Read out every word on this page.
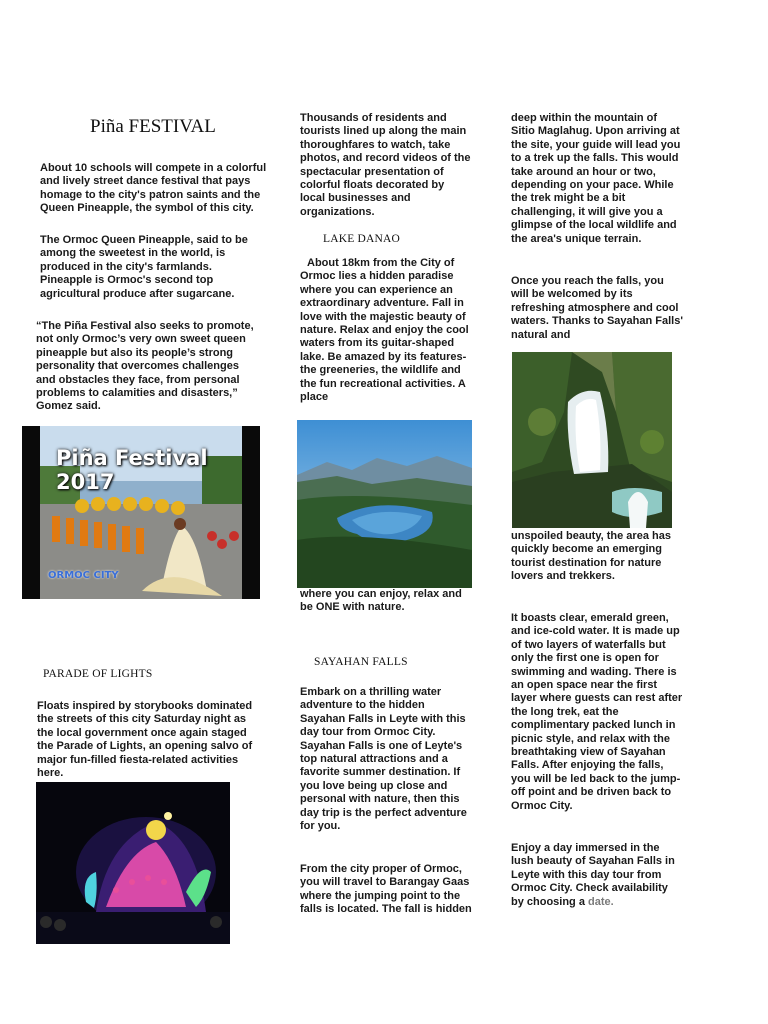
Piña FESTIVAL

About 10 schools will compete in a colorful and lively street dance festival that pays homage to the city's patron saints and the Queen Pineapple, the symbol of this city.

The Ormoc Queen Pineapple, said to be among the sweetest in the world, is produced in the city's farmlands. Pineapple is Ormoc's second top agricultural produce after sugarcane.

“The Piña Festival also seeks to promote, not only Ormoc’s very own sweet queen pineapple but also its people’s strong personality that overcomes challenges and obstacles they face, from personal problems to calamities and disasters,” Gomez said.

Piña Festival 2017
ORMOC CITY
PARADE OF LIGHTS

Floats inspired by storybooks dominated the streets of this city Saturday night as the local government once again staged the Parade of Lights, an opening salvo of major fun-filled fiesta-related activities here.

Thousands of residents and tourists lined up along the main thoroughfares to watch, take photos, and record videos of the spectacular presentation of colorful floats decorated by local businesses and organizations.

LAKE DANAO

About 18km from the City of Ormoc lies a hidden paradise where you can experience an extraordinary adventure. Fall in love with the majestic beauty of nature. Relax and enjoy the cool waters from its guitar-shaped lake. Be amazed by its features- the greeneries, the wildlife and the fun recreational activities. A place

where you can enjoy, relax and be ONE with nature.

SAYAHAN FALLS

Embark on a thrilling water adventure to the hidden Sayahan Falls in Leyte with this day tour from Ormoc City. Sayahan Falls is one of Leyte's top natural attractions and a favorite summer destination. If you love being up close and personal with nature, then this day trip is the perfect adventure for you.

From the city proper of Ormoc, you will travel to Barangay Gaas where the jumping point to the falls is located. The fall is hidden

deep within the mountain of Sitio Maglahug. Upon arriving at the site, your guide will lead you to a trek up the falls. This would take around an hour or two, depending on your pace. While the trek might be a bit challenging, it will give you a glimpse of the local wildlife and the area's unique terrain.

Once you reach the falls, you will be welcomed by its refreshing atmosphere and cool waters. Thanks to Sayahan Falls' natural and

unspoiled beauty, the area has quickly become an emerging tourist destination for nature lovers and trekkers.

It boasts clear, emerald green, and ice-cold water. It is made up of two layers of waterfalls but only the first one is open for swimming and wading. There is an open space near the first layer where guests can rest after the long trek, eat the complimentary packed lunch in picnic style, and relax with the breathtaking view of Sayahan Falls. After enjoying the falls, you will be led back to the jump-off point and be driven back to Ormoc City.

Enjoy a day immersed in the lush beauty of Sayahan Falls in Leyte with this day tour from Ormoc City. Check availability by choosing a date.
